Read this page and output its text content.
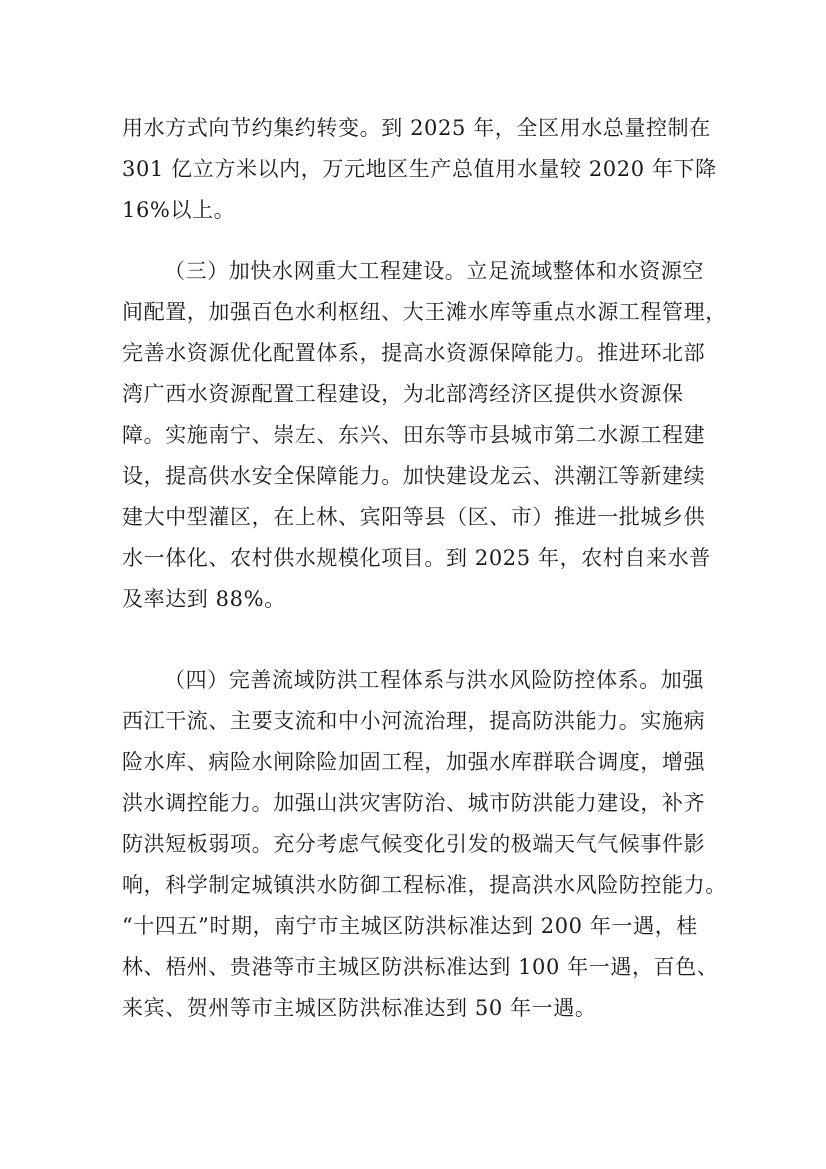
用水方式向节约集约转变。到 2025 年，全区用水总量控制在

301 亿立方米以内，万元地区生产总值用水量较 2020 年下降

16%以上。

（三）加快水网重大工程建设。立足流域整体和水资源空

间配置，加强百色水利枢纽、大王滩水库等重点水源工程管理，

完善水资源优化配置体系，提高水资源保障能力。推进环北部

湾广西水资源配置工程建设，为北部湾经济区提供水资源保

障。实施南宁、崇左、东兴、田东等市县城市第二水源工程建

设，提高供水安全保障能力。加快建设龙云、洪潮江等新建续

建大中型灌区，在上林、宾阳等县（区、市）推进一批城乡供

水一体化、农村供水规模化项目。到 2025 年，农村自来水普

及率达到 88%。

（四）完善流域防洪工程体系与洪水风险防控体系。加强

西江干流、主要支流和中小河流治理，提高防洪能力。实施病

险水库、病险水闸除险加固工程，加强水库群联合调度，增强

洪水调控能力。加强山洪灾害防治、城市防洪能力建设，补齐

防洪短板弱项。充分考虑气候变化引发的极端天气气候事件影

响，科学制定城镇洪水防御工程标准，提高洪水风险防控能力。

“十四五”时期，南宁市主城区防洪标准达到 200 年一遇，桂

林、梧州、贵港等市主城区防洪标准达到 100 年一遇，百色、

来宾、贺州等市主城区防洪标准达到 50 年一遇。
